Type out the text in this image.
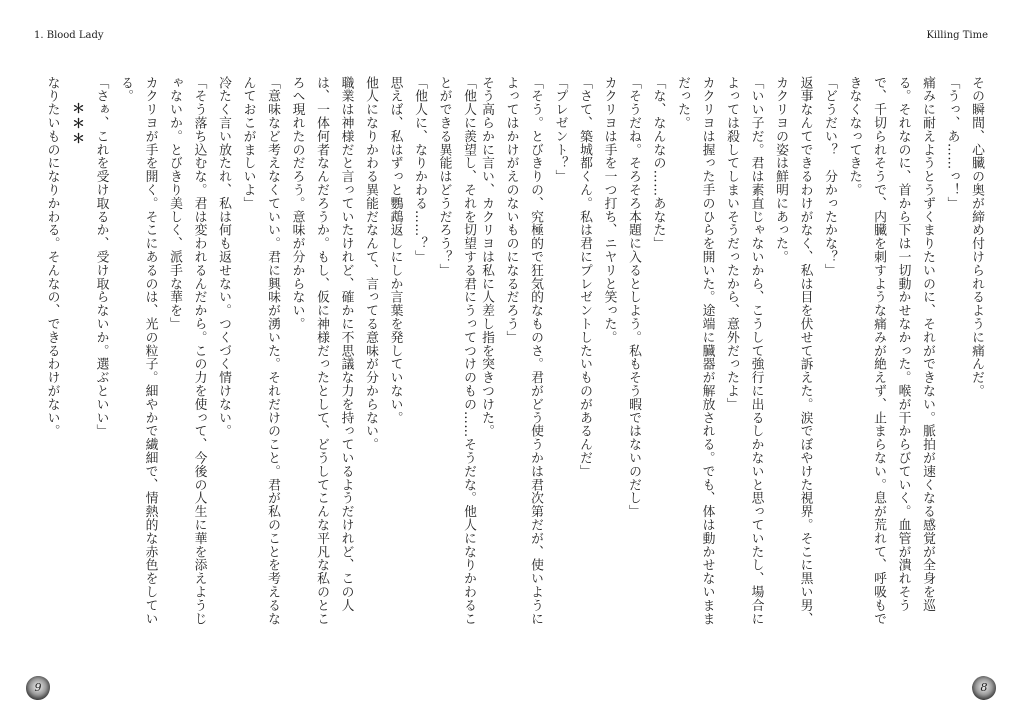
1. Blood Lady	Killing Time

その瞬間、心臓の奥が締め付けられるように痛んだ。

「うっ、あ……っ！」

痛みに耐えようとうずくまりたいのに、それができない。脈拍が速くなる感覚が全身を巡る。それなのに、首から下は一切動かせなかった。喉が干からびていく。血管が潰れそうで、千切られそうで、内臓を刺すような痛みが絶えず、止まらない。息が荒れて、呼吸もできなくなってきた。

「どうだい？　分かったかな？」

返事なんてできるわけがなく、私は目を伏せて訴えた。涙でぼやけた視界。そこに黒い男、カクリヨの姿は鮮明にあった。

「いい子だ。君は素直じゃないから、こうして強行に出るしかないと思っていたし、場合によっては殺してしまいそうだったから、意外だったよ」

カクリヨは握った手のひらを開いた。途端に臓器が解放される。でも、体は動かせないままだった。

「な、なんなの……あなた」

「そうだね。そろそろ本題に入るとしよう。私もそう暇ではないのだし」

カクリヨは手を一つ打ち、ニヤリと笑った。

「さて、築城都くん。私は君にプレゼントしたいものがあるんだ」

「プレゼント？」

「そう。とびきりの、究極的で狂気的なものさ。君がどう使うかは君次第だが、使いようによってはかけがえのないものになるだろう」

そう高らかに言い、カクリヨは私に人差し指を突きつけた。

「他人に羨望し、それを切望する君にうってつけのもの……そうだな。他人になりかわることができる異能はどうだろう？」

「他人に、なりかわる……？」

思えば、私はずっと鸚鵡返しにしか言葉を発していない。

他人になりかわる異能だなんて、言ってる意味が分からない。

職業は神様だと言っていたけれど、確かに不思議な力を持っているようだけれど、この人は、一体何者なんだろうか。もし、仮に神様だったとして、どうしてこんな平凡な私のところへ現れたのだろう。意味が分からない。

「意味など考えなくていい。君に興味が湧いた。それだけのこと。君が私のことを考えるなんておこがましいよ」

冷たく言い放たれ、私は何も返せない。つくづく情けない。

「そう落ち込むな。君は変われるんだから。この力を使って、今後の人生に華を添えようじゃないか。とびきり美しく、派手な華を」

カクリヨが手を開く。そこにあるのは、光の粒子。細やかで繊細で、情熱的な赤色をしている。

「さぁ、これを受け取るか、受け取らないか。選ぶといい」

＊＊＊

なりたいものになりかわる。そんなの、できるわけがない。

9	8
